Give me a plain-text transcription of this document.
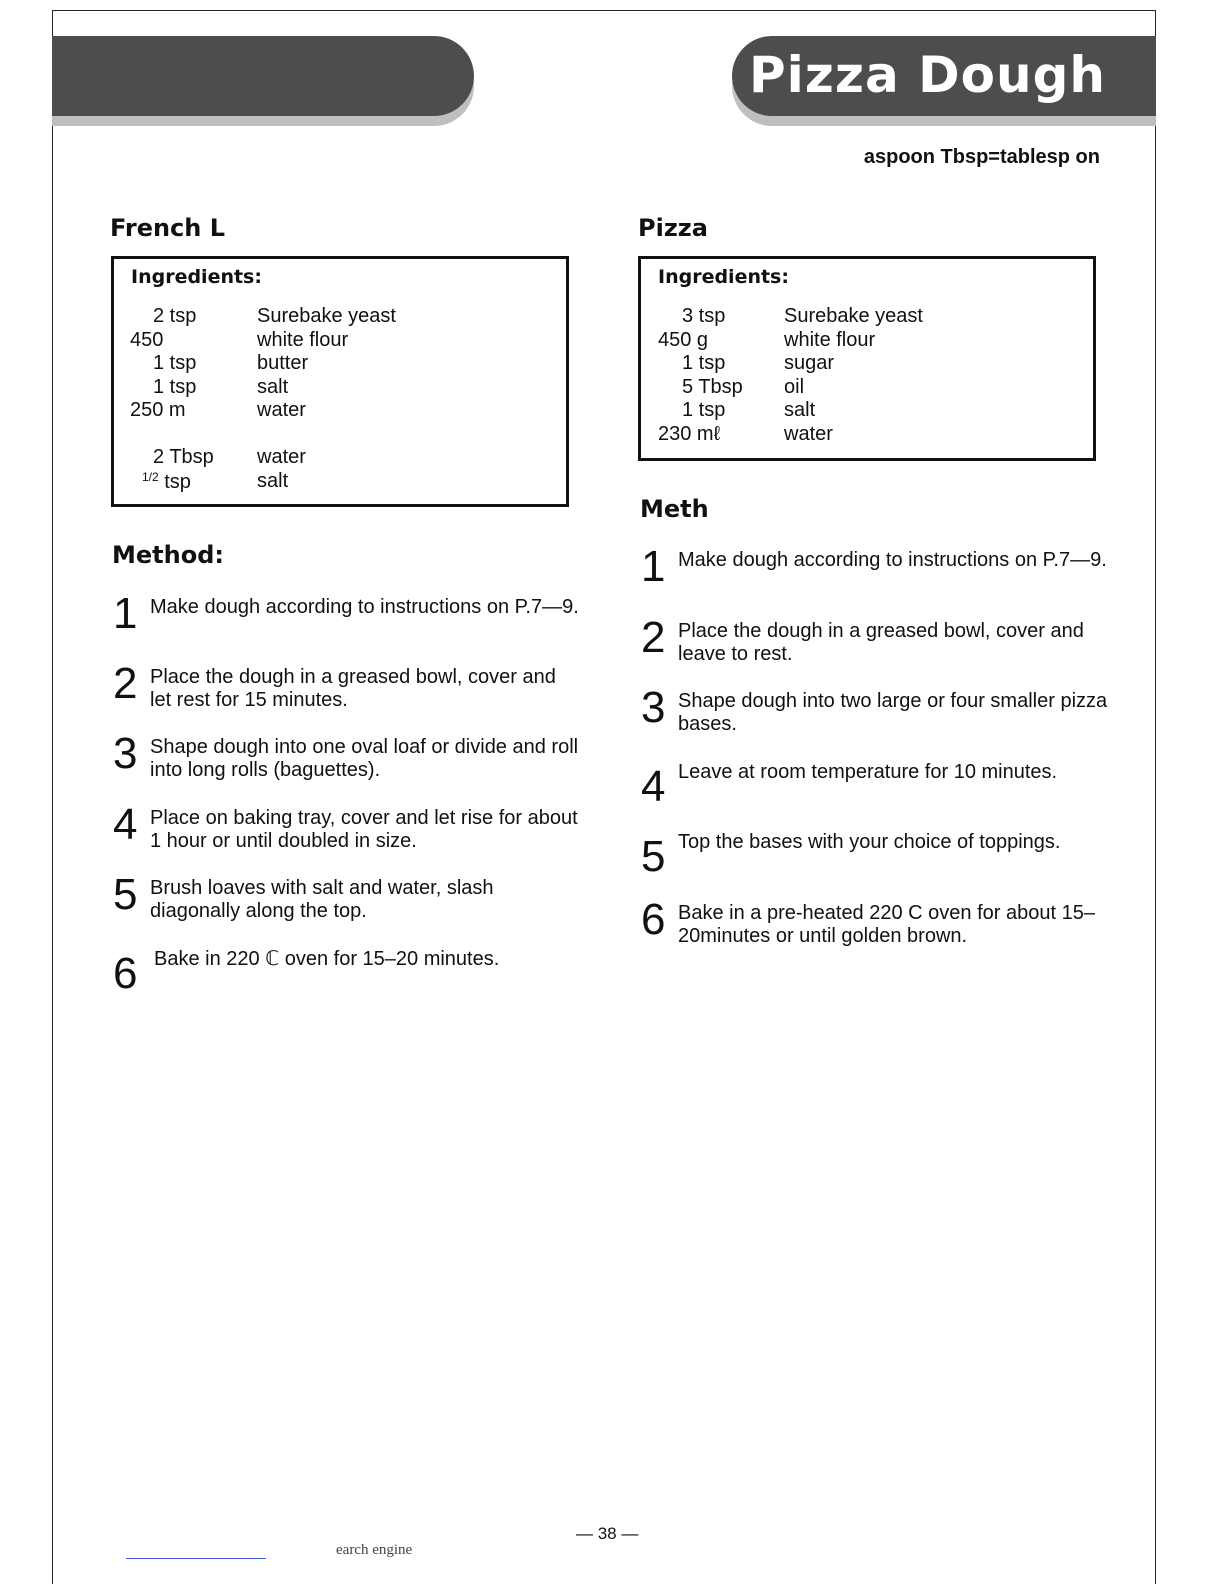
Pizza Dough
aspoon Tbsp=tablesp on
French L
Ingredients:
2 tsp	Surebake yeast
450	white flour
1 tsp	butter
1 tsp	salt
250 m	water
2 Tbsp water
$^{1/2}$ tsp	salt
Method:
1 Make dough according to instructions on P.7—9.
2 Place the dough in a greased bowl, cover and let rest for 15 minutes.
3 Shape dough into one oval loaf or divide and roll into long rolls (baguettes).
4 Place on baking tray, cover and let rise for about 1 hour or until doubled in size.
5 Brush loaves with salt and water, slash diagonally along the top.
6 Bake in 220 ℂ oven for 15–20 minutes.
Pizza
Ingredients:
3 tsp	Surebake yeast
450 g	white flour
1 tsp	sugar
5 Tbsp oil
1 tsp	salt
230 mℓ	water
Meth
1 Make dough according to instructions on P.7—9.
2 Place the dough in a greased bowl, cover and leave to rest.
3 Shape dough into two large or four smaller pizza bases.
4 Leave at room temperature for 10 minutes.
5 Top the bases with your choice of toppings.
6 Bake in a pre-heated 220 C oven for about 15–20minutes or until golden brown.
— 38 —
earch engine
